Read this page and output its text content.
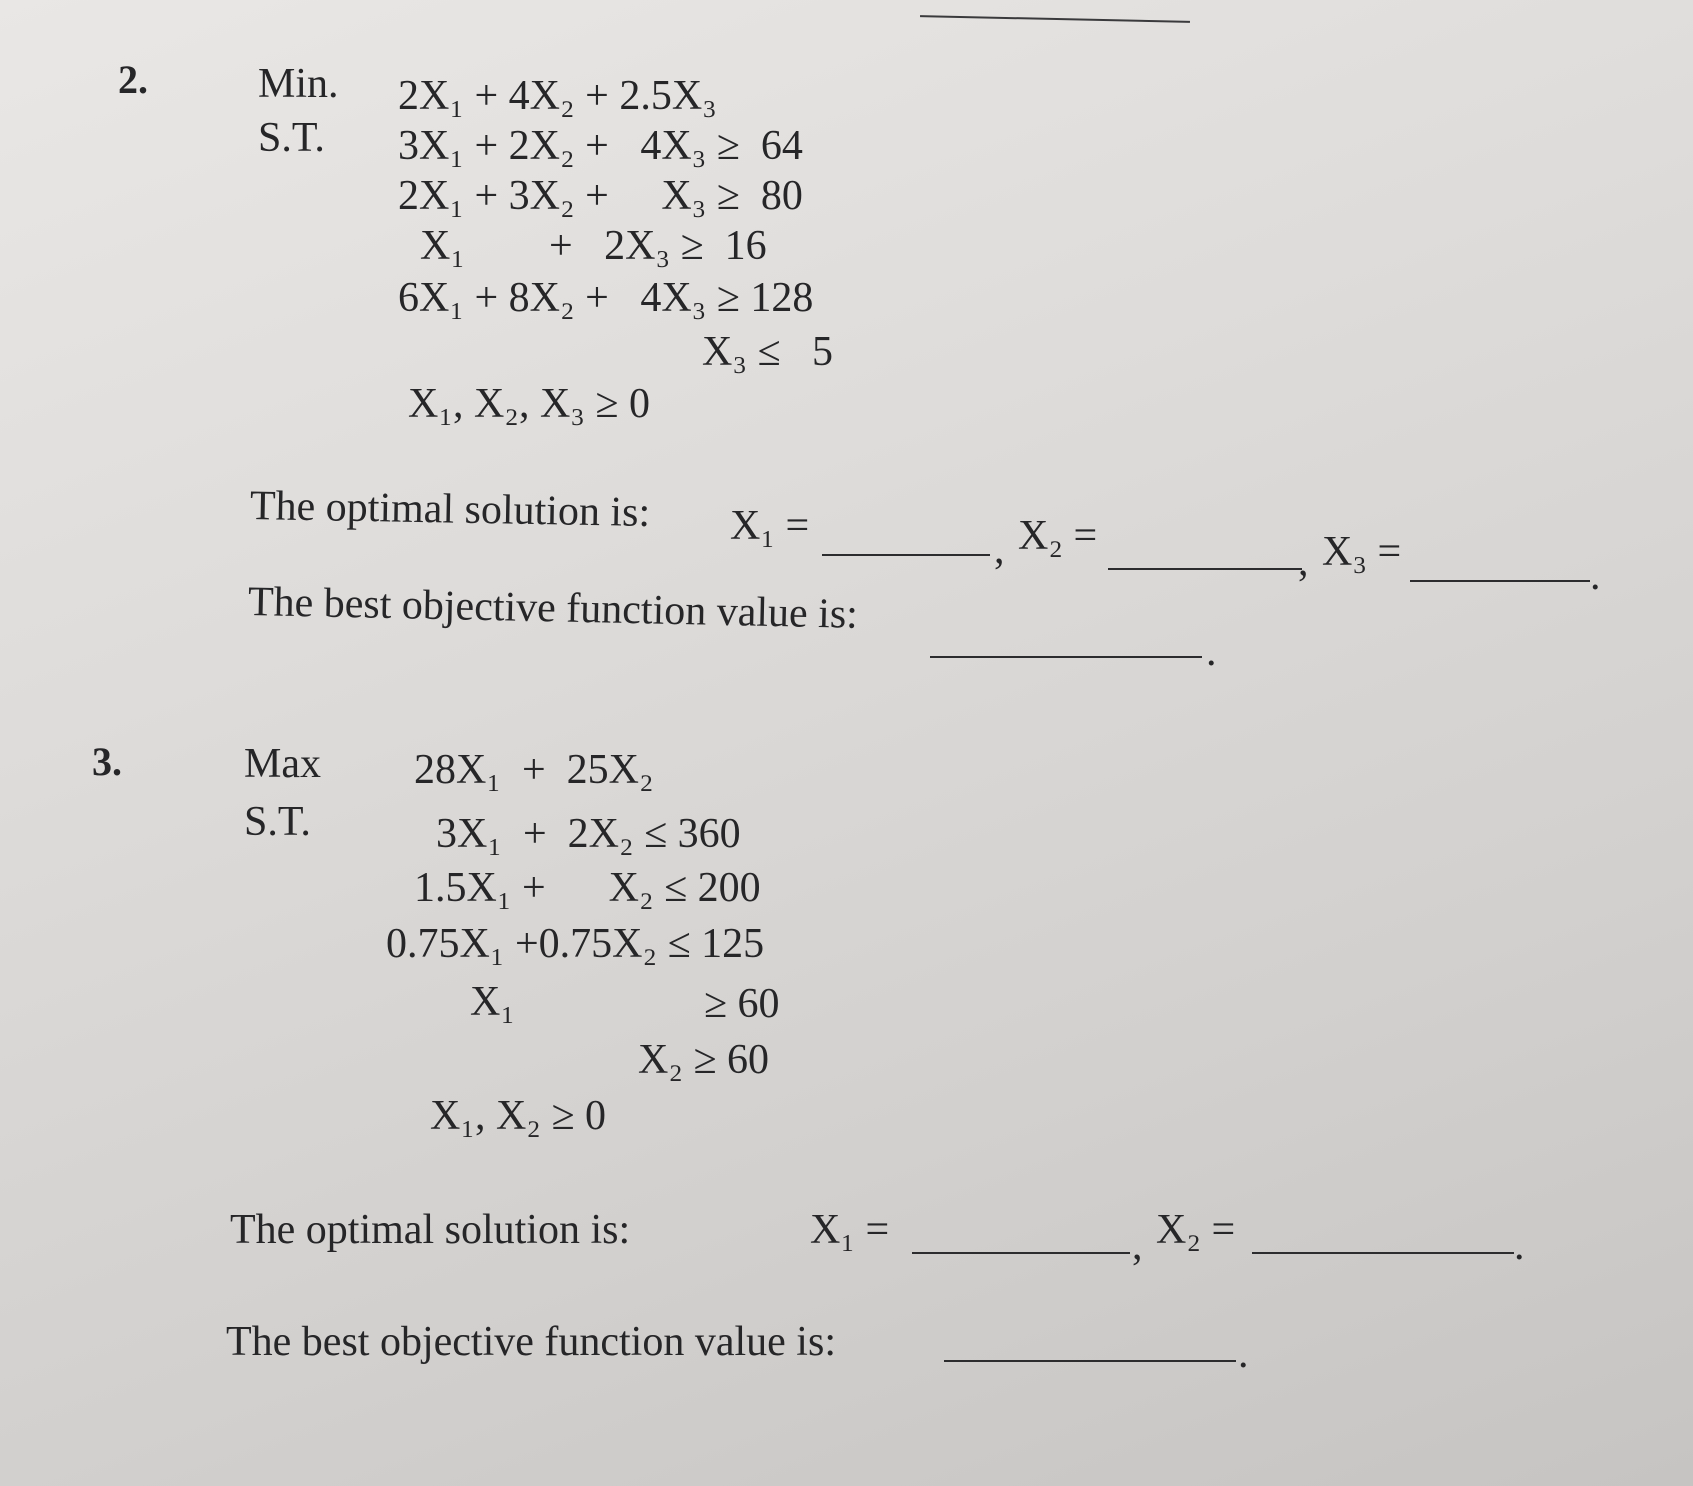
2.	Min.
S.T.
2X₁ + 4X₂ + 2.5X₃
3X₁ + 2X₂ +   4X₃ ≥  64
2X₁ + 3X₂ +     X₃ ≥  80
X₁        +   2X₃ ≥  16
6X₁ + 8X₂ +   4X₃ ≥ 128
X₃ ≤   5
X₁, X₂, X₃ ≥ 0
The optimal solution is: X₁ =
, X₂ =
, X₃ =
.
The best objective function value is:
.
3.	Max
S.T.
28X₁  +  25X₂
3X₁  +  2X₂ ≤ 360
1.5X₁ +      X₂ ≤ 200
0.75X₁ +0.75X₂ ≤ 125
X₁	≥ 60
X₂ ≥ 60
X₁, X₂ ≥ 0
The optimal solution is:	X₁ =	, X₂ =	.
The best objective function value is:	.
